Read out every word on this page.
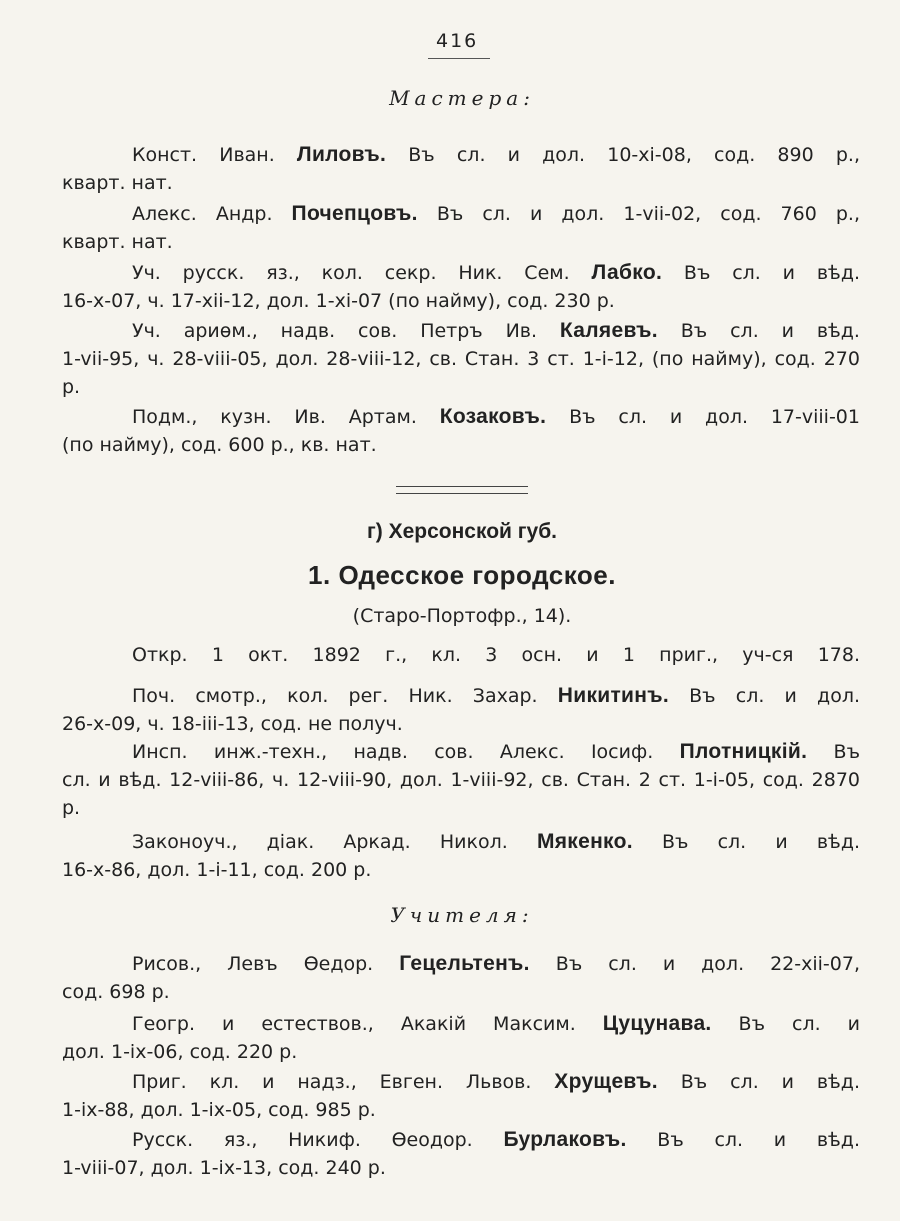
416
Мастера:
Конст. Иван. Лиловъ. Въ сл. и дол. 10-xi-08, сод. 890 р.,
кварт. нат.
Алекс. Андр. Почепцовъ. Въ сл. и дол. 1-vii-02, сод. 760 р.,
кварт. нат.
Уч. русск. яз., кол. секр. Ник. Сем. Лабко. Въ сл. и вѣд.
16-х-07, ч. 17-xii-12, дол. 1-xi-07 (по найму), сод. 230 р.
Уч. ариѳм., надв. сов. Петръ Ив. Каляевъ. Въ сл. и вѣд.
1-vii-95, ч. 28-viii-05, дол. 28-viii-12, св. Стан. 3 ст. 1-i-12, (по найму), сод. 270 р.
Подм., кузн. Ив. Артам. Козаковъ. Въ сл. и дол. 17-viii-01
(по найму), сод. 600 р., кв. нат.
г) Херсонской губ.
1. Одесское городское.
(Старо-Портофр., 14).
Откр. 1 окт. 1892 г., кл. 3 осн. и 1 приг., уч-ся 178.
Поч. смотр., кол. рег. Ник. Захар. Никитинъ. Въ сл. и дол.
26-х-09, ч. 18-iii-13, сод. не получ.
Инсп. инж.-техн., надв. сов. Алекс. Іосиф. Плотницкій. Въ
сл. и вѣд. 12-viii-86, ч. 12-viii-90, дол. 1-viii-92, св. Стан. 2 ст. 1-i-05, сод. 2870 р.
Законоуч., діак. Аркад. Никол. Мякенко. Въ сл. и вѣд.
16-х-86, дол. 1-i-11, сод. 200 р.
Учителя:
Рисов., Левъ Ѳедор. Гецельтенъ. Въ сл. и дол. 22-xii-07,
сод. 698 р.
Геогр. и естествов., Акакій Максим. Цуцунава. Въ сл. и
дол. 1-ix-06, сод. 220 р.
Приг. кл. и надз., Евген. Львов. Хрущевъ. Въ сл. и вѣд.
1-ix-88, дол. 1-ix-05, сод. 985 р.
Русск. яз., Никиф. Ѳеодор. Бурлаковъ. Въ сл. и вѣд.
1-viii-07, дол. 1-ix-13, сод. 240 р.
